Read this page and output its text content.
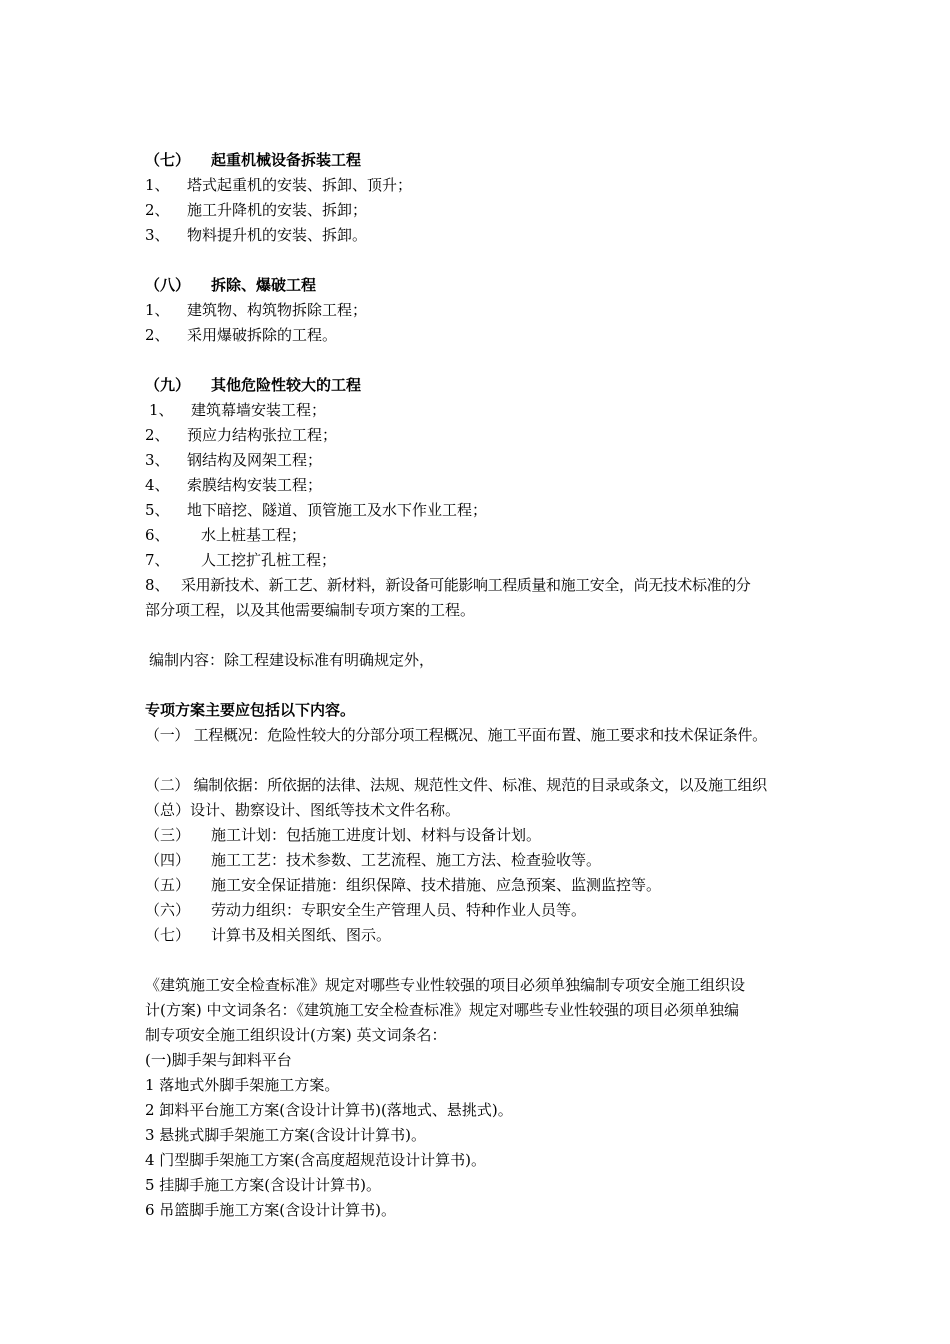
（七） 起重机械设备拆装工程
1、 塔式起重机的安装、拆卸、顶升；
2、 施工升降机的安装、拆卸；
3、 物料提升机的安装、拆卸。
（八） 拆除、爆破工程
1、 建筑物、构筑物拆除工程；
2、 采用爆破拆除的工程。
（九） 其他危险性较大的工程
1、 建筑幕墙安装工程；
2、 预应力结构张拉工程；
3、 钢结构及网架工程；
4、 索膜结构安装工程；
5、 地下暗挖、隧道、顶管施工及水下作业工程；
6、 水上桩基工程；
7、 人工挖扩孔桩工程；
8、 采用新技术、新工艺、新材料，新设备可能影响工程质量和施工安全，尚无技术标准的分
部分项工程，以及其他需要编制专项方案的工程。
编制内容：除工程建设标准有明确规定外，
专项方案主要应包括以下内容。
（一） 工程概况：危险性较大的分部分项工程概况、施工平面布置、施工要求和技术保证条件。
（二） 编制依据：所依据的法律、法规、规范性文件、标准、规范的目录或条文，以及施工组织
（总）设计、勘察设计、图纸等技术文件名称。
（三） 施工计划：包括施工进度计划、材料与设备计划。
（四） 施工工艺：技术参数、工艺流程、施工方法、检查验收等。
（五） 施工安全保证措施：组织保障、技术措施、应急预案、监测监控等。
（六） 劳动力组织：专职安全生产管理人员、特种作业人员等。
（七） 计算书及相关图纸、图示。
《建筑施工安全检查标准》规定对哪些专业性较强的项目必须单独编制专项安全施工组织设
计(方案) 中文词条名：《建筑施工安全检查标准》规定对哪些专业性较强的项目必须单独编
制专项安全施工组织设计(方案) 英文词条名：
(一)脚手架与卸料平台
1 落地式外脚手架施工方案。
2 卸料平台施工方案(含设计计算书)(落地式、悬挑式)。
3 悬挑式脚手架施工方案(含设计计算书)。
4 门型脚手架施工方案(含高度超规范设计计算书)。
5 挂脚手施工方案(含设计计算书)。
6 吊篮脚手施工方案(含设计计算书)。
